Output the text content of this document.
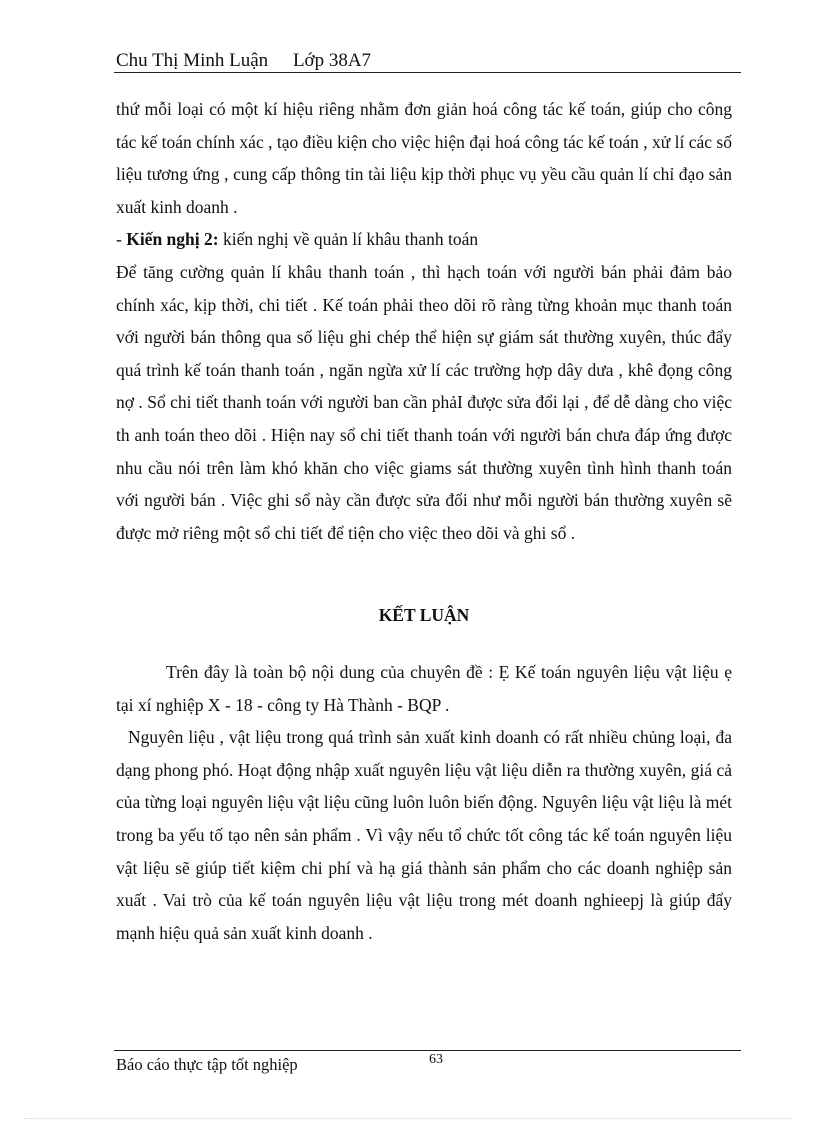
Chu Thị Minh Luận Lớp 38A7

thứ mỗi loại có một kí hiệu riêng nhằm đơn giản hoá công tác kế toán, giúp cho công tác kế toán chính xác , tạo điều kiện cho việc hiện đại hoá công tác kế toán , xử lí các số liệu tương ứng , cung cấp thông tin tài liệu kịp thời phục vụ yều cầu quản lí chỉ đạo sản xuất kinh doanh .

- Kiến nghị 2: kiến nghị về quản lí khâu thanh toán

Để tăng cường quản lí khâu thanh toán , thì hạch toán với người bán phải đảm bảo chính xác, kịp thời, chi tiết . Kế toán phải theo dõi rõ ràng từng khoản mục thanh toán với người bán thông qua số liệu ghi chép thể hiện sự giám sát thường xuyên, thúc đẩy quá trình kế toán thanh toán , ngăn ngừa xử lí các trường hợp dây dưa , khê đọng công nợ . Sổ chi tiết thanh toán với người ban cần phảI được sửa đổi lại , để dễ dàng cho việc th anh toán theo dõi . Hiện nay sổ chi tiết thanh toán với người bán chưa đáp ứng được nhu cầu nói trên làm khó khăn cho việc giams sát thường xuyên tình hình thanh toán với người bán . Việc ghi sổ này cần được sửa đổi như mỗi người bán thường xuyên sẽ được mở riêng một sổ chi tiết để tiện cho việc theo dõi và ghi sổ .

KẾT LUẬN

Trên đây là toàn bộ nội dung của chuyên đề : Ẹ Kế toán nguyên liệu vật liệu ẹ tại xí nghiệp X - 18 - công ty Hà Thành - BQP .

Nguyên liệu , vật liệu trong quá trình sản xuất kinh doanh có rất nhiều chủng loại, đa dạng phong phó. Hoạt động nhập xuất nguyên liệu vật liệu diễn ra thường xuyên, giá cả của từng loại nguyên liệu vật liệu cũng luôn luôn biến động. Nguyên liệu vật liệu là mét trong ba yếu tố tạo nên sản phẩm . Vì vậy nếu tổ chức tốt công tác kế toán nguyên liệu vật liệu sẽ giúp tiết kiệm chi phí và hạ giá thành sản phẩm cho các doanh nghiệp sản xuất . Vai trò của kế toán nguyên liệu vật liệu trong mét doanh nghieepj là giúp đẩy mạnh hiệu quả sản xuất kinh doanh .

Báo cáo thực tập tốt nghiệp	63
